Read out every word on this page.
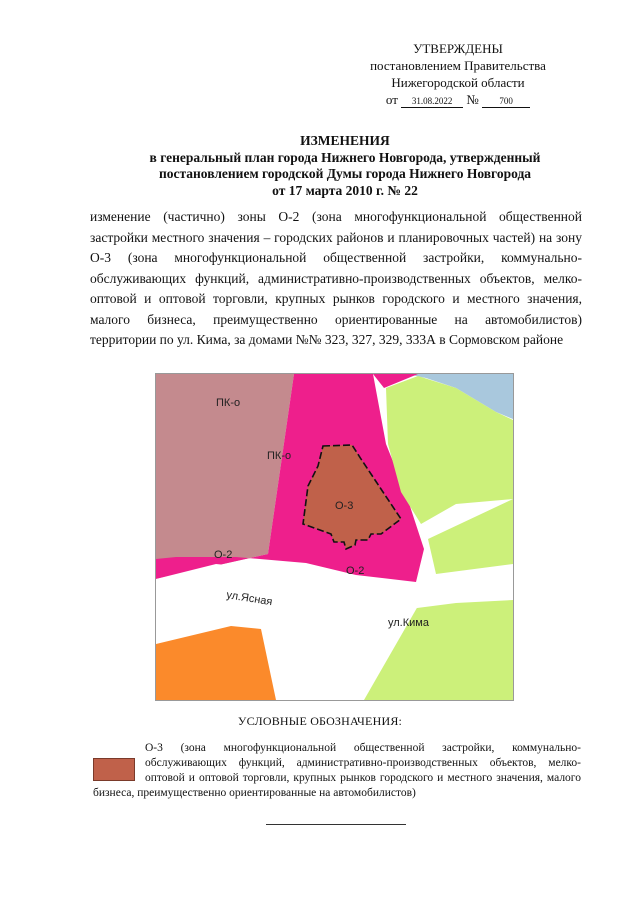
УТВЕРЖДЕНЫ
постановлением Правительства
Нижегородской области
от 31.08.2022 № 700
ИЗМЕНЕНИЯ
в генеральный план города Нижнего Новгорода, утвержденный
постановлением городской Думы города Нижнего Новгорода
от 17 марта 2010 г. № 22
изменение (частично) зоны О-2 (зона многофункциональной общественной застройки местного значения – городских районов и планировочных частей) на зону О-3 (зона многофункциональной общественной застройки, коммунально-обслуживающих функций, административно-производственных объектов, мелко-оптовой и оптовой торговли, крупных рынков городского и местного значения, малого бизнеса, преимущественно ориентированные на автомобилистов) территории по ул. Кима, за домами №№ 323, 327, 329, 333А в Сормовском районе
ПК-о
ПК-о
О-3
О-2
О-2
ул.Ясная
ул.Кима
УСЛОВНЫЕ ОБОЗНАЧЕНИЯ:
О-3 (зона многофункциональной общественной застройки, коммунально-обслуживающих функций, административно-производственных объектов, мелко-оптовой и оптовой торговли, крупных рынков городского и местного значения, малого бизнеса, преимущественно ориентированные на автомобилистов)
